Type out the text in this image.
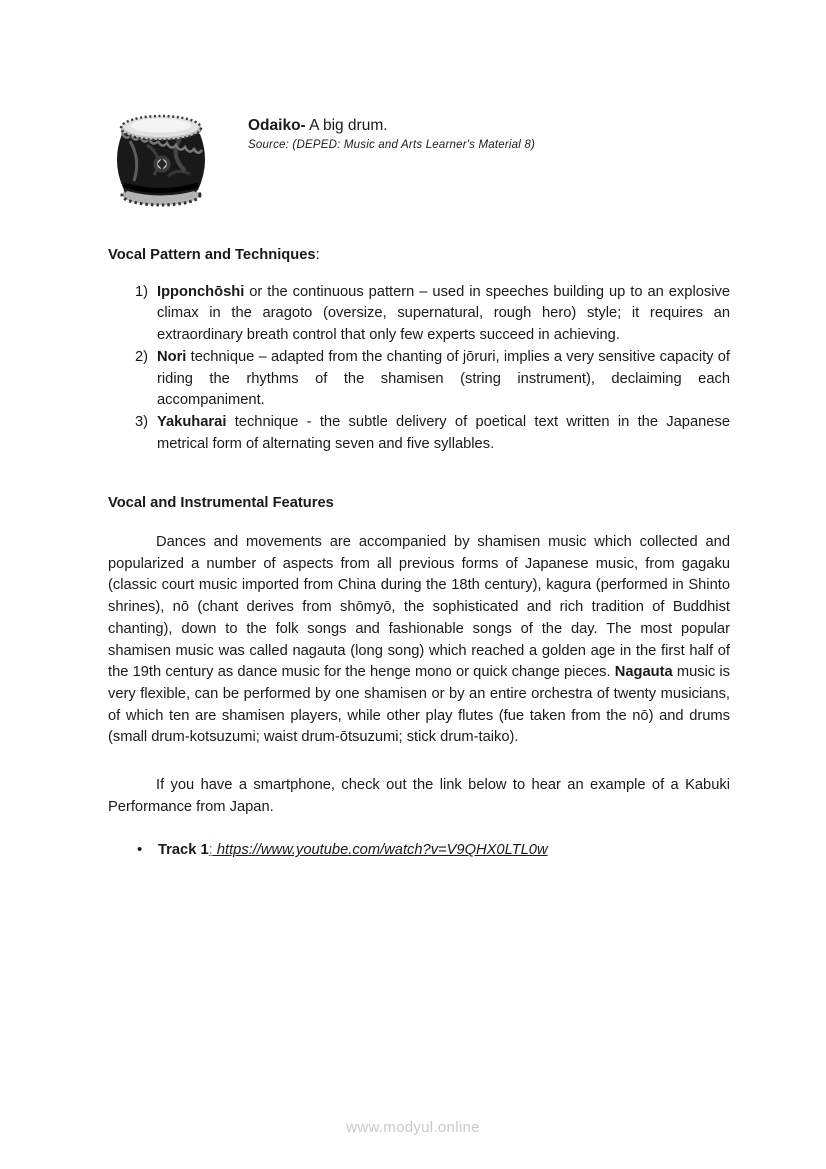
Odaiko- A big drum.
Source: (DEPED: Music and Arts Learner's Material 8)
Vocal Pattern and Techniques:
1) Ipponchōshi or the continuous pattern – used in speeches building up to an explosive climax in the aragoto (oversize, supernatural, rough hero) style; it requires an extraordinary breath control that only few experts succeed in achieving.
2) Nori technique – adapted from the chanting of jōruri, implies a very sensitive capacity of riding the rhythms of the shamisen (string instrument), declaiming each accompaniment.
3) Yakuharai technique - the subtle delivery of poetical text written in the Japanese metrical form of alternating seven and five syllables.
Vocal and Instrumental Features
Dances and movements are accompanied by shamisen music which collected and popularized a number of aspects from all previous forms of Japanese music, from gagaku (classic court music imported from China during the 18th century), kagura (performed in Shinto shrines), nō (chant derives from shōmyō, the sophisticated and rich tradition of Buddhist chanting), down to the folk songs and fashionable songs of the day. The most popular shamisen music was called nagauta (long song) which reached a golden age in the first half of the 19th century as dance music for the henge mono or quick change pieces. Nagauta music is very flexible, can be performed by one shamisen or by an entire orchestra of twenty musicians, of which ten are shamisen players, while other play flutes (fue taken from the nō) and drums (small drum-kotsuzumi; waist drum-ōtsuzumi; stick drum-taiko).
If you have a smartphone, check out the link below to hear an example of a Kabuki Performance from Japan.
• Track 1: https://www.youtube.com/watch?v=V9QHX0LTL0w
www.modyul.online
